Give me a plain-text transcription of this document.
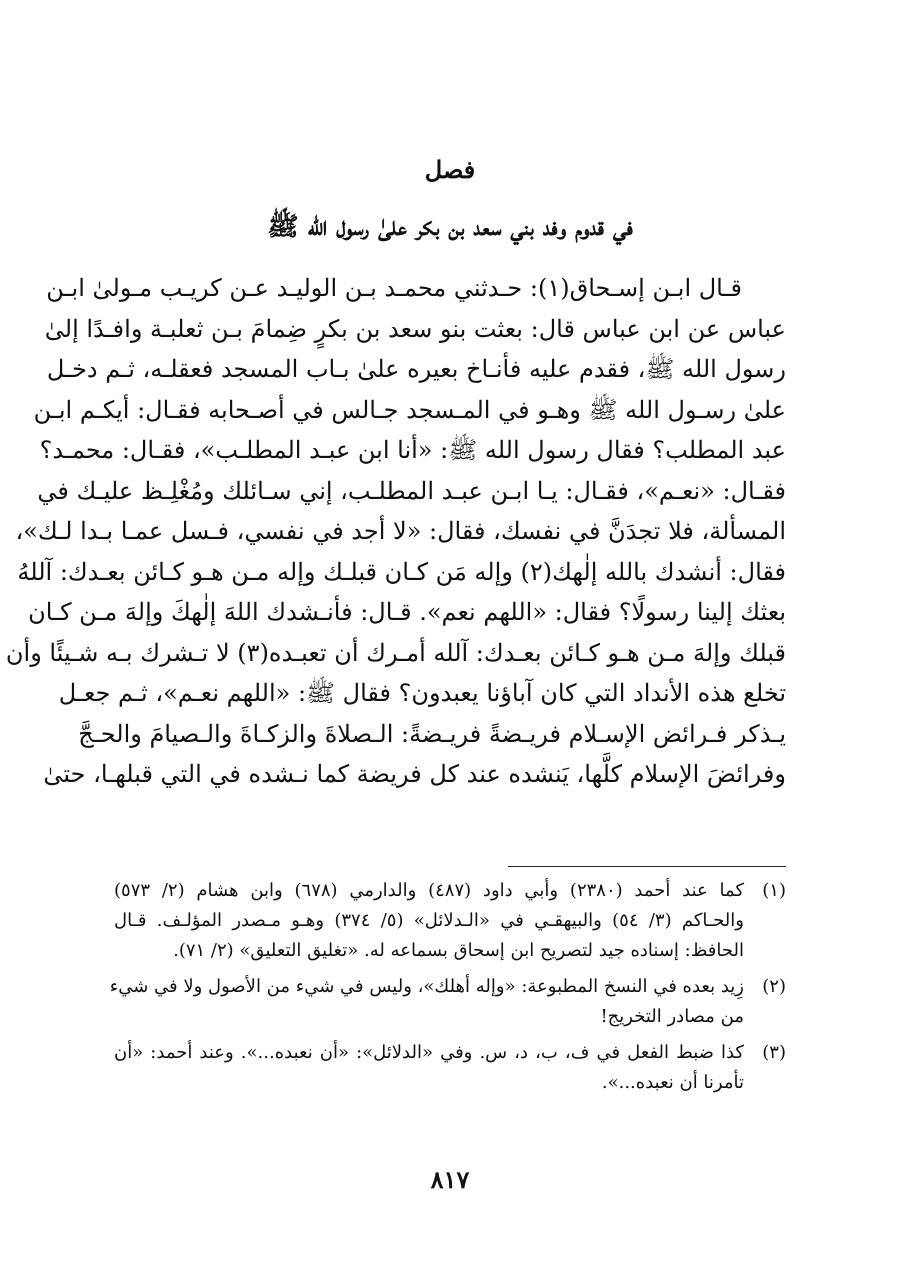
فصل
في قدوم وفد بني سعد بن بكر علىٰ رسول الله ﷺ
قـال ابـن إسـحاق(١): حـدثني محمـد بـن الوليـد عـن كريـب مـولىٰ ابـن
عباس عن ابن عباس قال: بعثت بنو سعد بن بكرٍ ضِمامَ بـن ثعلبـة وافـدًا إلىٰ
رسول الله ﷺ، فقدم عليه فأنـاخ بعيره علىٰ بـاب المسجد فعقلـه، ثـم دخـل
علىٰ رسـول الله ﷺ وهـو في المـسجد جـالس في أصـحابه فقـال: أيكـم ابـن
عبد المطلب؟ فقال رسول الله ﷺ: «أنا ابن عبـد المطلـب»، فقـال: محمـد؟
فقـال: «نعـم»، فقـال: يـا ابـن عبـد المطلـب، إني سـائلك ومُغْلِـظ عليـك في
المسألة، فلا تجدَنَّ في نفسك، فقال: «لا أجد في نفسي، فـسل عمـا بـدا لـك»،
فقال: أنشدك بالله إلٰهك(٢) وإله مَن كـان قبلـك وإله مـن هـو كـائن بعـدك: آللهُ
بعثك إلينا رسولًا؟ فقال: «اللهم نعم». قـال: فأنـشدك اللهَ إلٰهكَ وإلهَ مـن كـان
قبلك وإلهَ مـن هـو كـائن بعـدك: آلله أمـرك أن تعبـده(٣) لا تـشرك بـه شـيئًا وأن
تخلع هذه الأنداد التي كان آباؤنا يعبدون؟ فقال ﷺ: «اللهم نعـم»، ثـم جعـل
يـذكر فـرائض الإسـلام فريـضةً فريـضةً: الـصلاةَ والزكـاةَ والـصيامَ والحـجَّ
وفرائضَ الإسلام كلَّها، يَنشده عند كل فريضة كما نـشده في التي قبلهـا، حتىٰ
(١)
كما عند أحمد (٢٣٨٠) وأبي داود (٤٨٧) والدارمي (٦٧٨) وابن هشام (٢/ ٥٧٣)
والحـاكم (٣/ ٥٤) والبيهقـي في «الـدلائل» (٥/ ٣٧٤) وهـو مـصدر المؤلـف. قـال
الحافظ: إسناده جيد لتصريح ابن إسحاق بسماعه له. «تغليق التعليق» (٢/ ٧١).
(٢)
زِيد بعده في النسخ المطبوعة: «وإله أهلك»، وليس في شيء من الأصول ولا في شيء
من مصادر التخريج!
(٣)
كذا ضبط الفعل في ف، ب، د، س. وفي «الدلائل»: «أن نعبده...». وعند أحمد: «أن
تأمرنا أن نعبده...».
٨١٧
